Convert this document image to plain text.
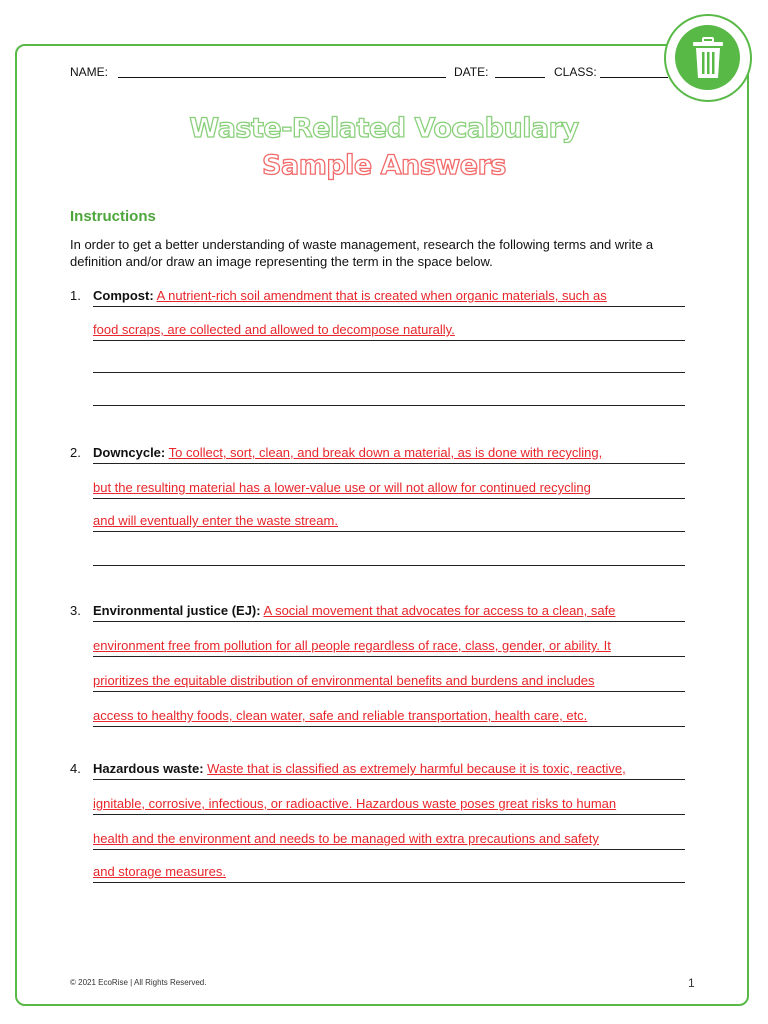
NAME:	DATE:	CLASS:
Waste-Related Vocabulary
Sample Answers
Instructions
In order to get a better understanding of waste management, research the following terms and write a definition and/or draw an image representing the term in the space below.
1. Compost: A nutrient-rich soil amendment that is created when organic materials, such as
food scraps, are collected and allowed to decompose naturally.
2. Downcycle: To collect, sort, clean, and break down a material, as is done with recycling,
but the resulting material has a lower-value use or will not allow for continued recycling
and will eventually enter the waste stream.
3. Environmental justice (EJ): A social movement that advocates for access to a clean, safe
environment free from pollution for all people regardless of race, class, gender, or ability. It
prioritizes the equitable distribution of environmental benefits and burdens and includes
access to healthy foods, clean water, safe and reliable transportation, health care, etc.
4. Hazardous waste: Waste that is classified as extremely harmful because it is toxic, reactive,
ignitable, corrosive, infectious, or radioactive. Hazardous waste poses great risks to human
health and the environment and needs to be managed with extra precautions and safety
and storage measures.
© 2021 EcoRise | All Rights Reserved.	1
